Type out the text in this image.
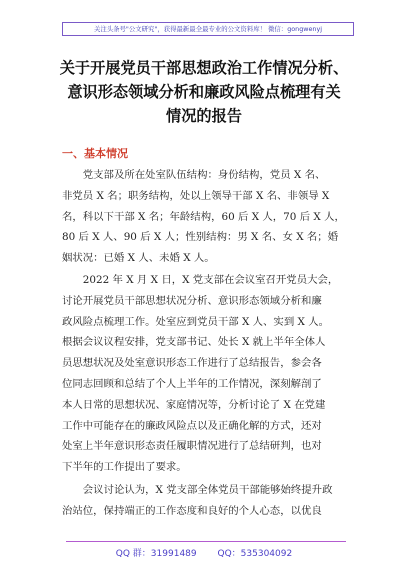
关注头条号"公文研究"，获得最新最全最专业的公文资料库！ 微信：gongwenyj
关于开展党员干部思想政治工作情况分析、
意识形态领域分析和廉政风险点梳理有关
情况的报告
一、基本情况
　　党支部及所在处室队伍结构：身份结构，党员 X 名、
非党员 X 名；职务结构，处以上领导干部 X 名、非领导 X
名，科以下干部 X 名；年龄结构，60 后 X 人，70 后 X 人，
80 后 X 人、90 后 X 人；性别结构：男 X 名、女 X 名；婚
姻状况：已婚 X 人、未婚 X 人。
　　2022 年 X 月 X 日，X 党支部在会议室召开党员大会，
讨论开展党员干部思想状况分析、意识形态领域分析和廉
政风险点梳理工作。处室应到党员干部 X 人、实到 X 人。
根据会议议程安排，党支部书记、处长 X 就上半年全体人
员思想状况及处室意识形态工作进行了总结报告，参会各
位同志回顾和总结了个人上半年的工作情况，深刻解剖了
本人日常的思想状况、家庭情况等，分析讨论了 X 在党建
工作中可能存在的廉政风险点以及正确化解的方式，还对
处室上半年意识形态责任履职情况进行了总结研判，也对
下半年的工作提出了要求。
　　会议讨论认为，X 党支部全体党员干部能够始终提升政
治站位，保持端正的工作态度和良好的个人心态，以优良
QQ 群：31991489 QQ：535304092
